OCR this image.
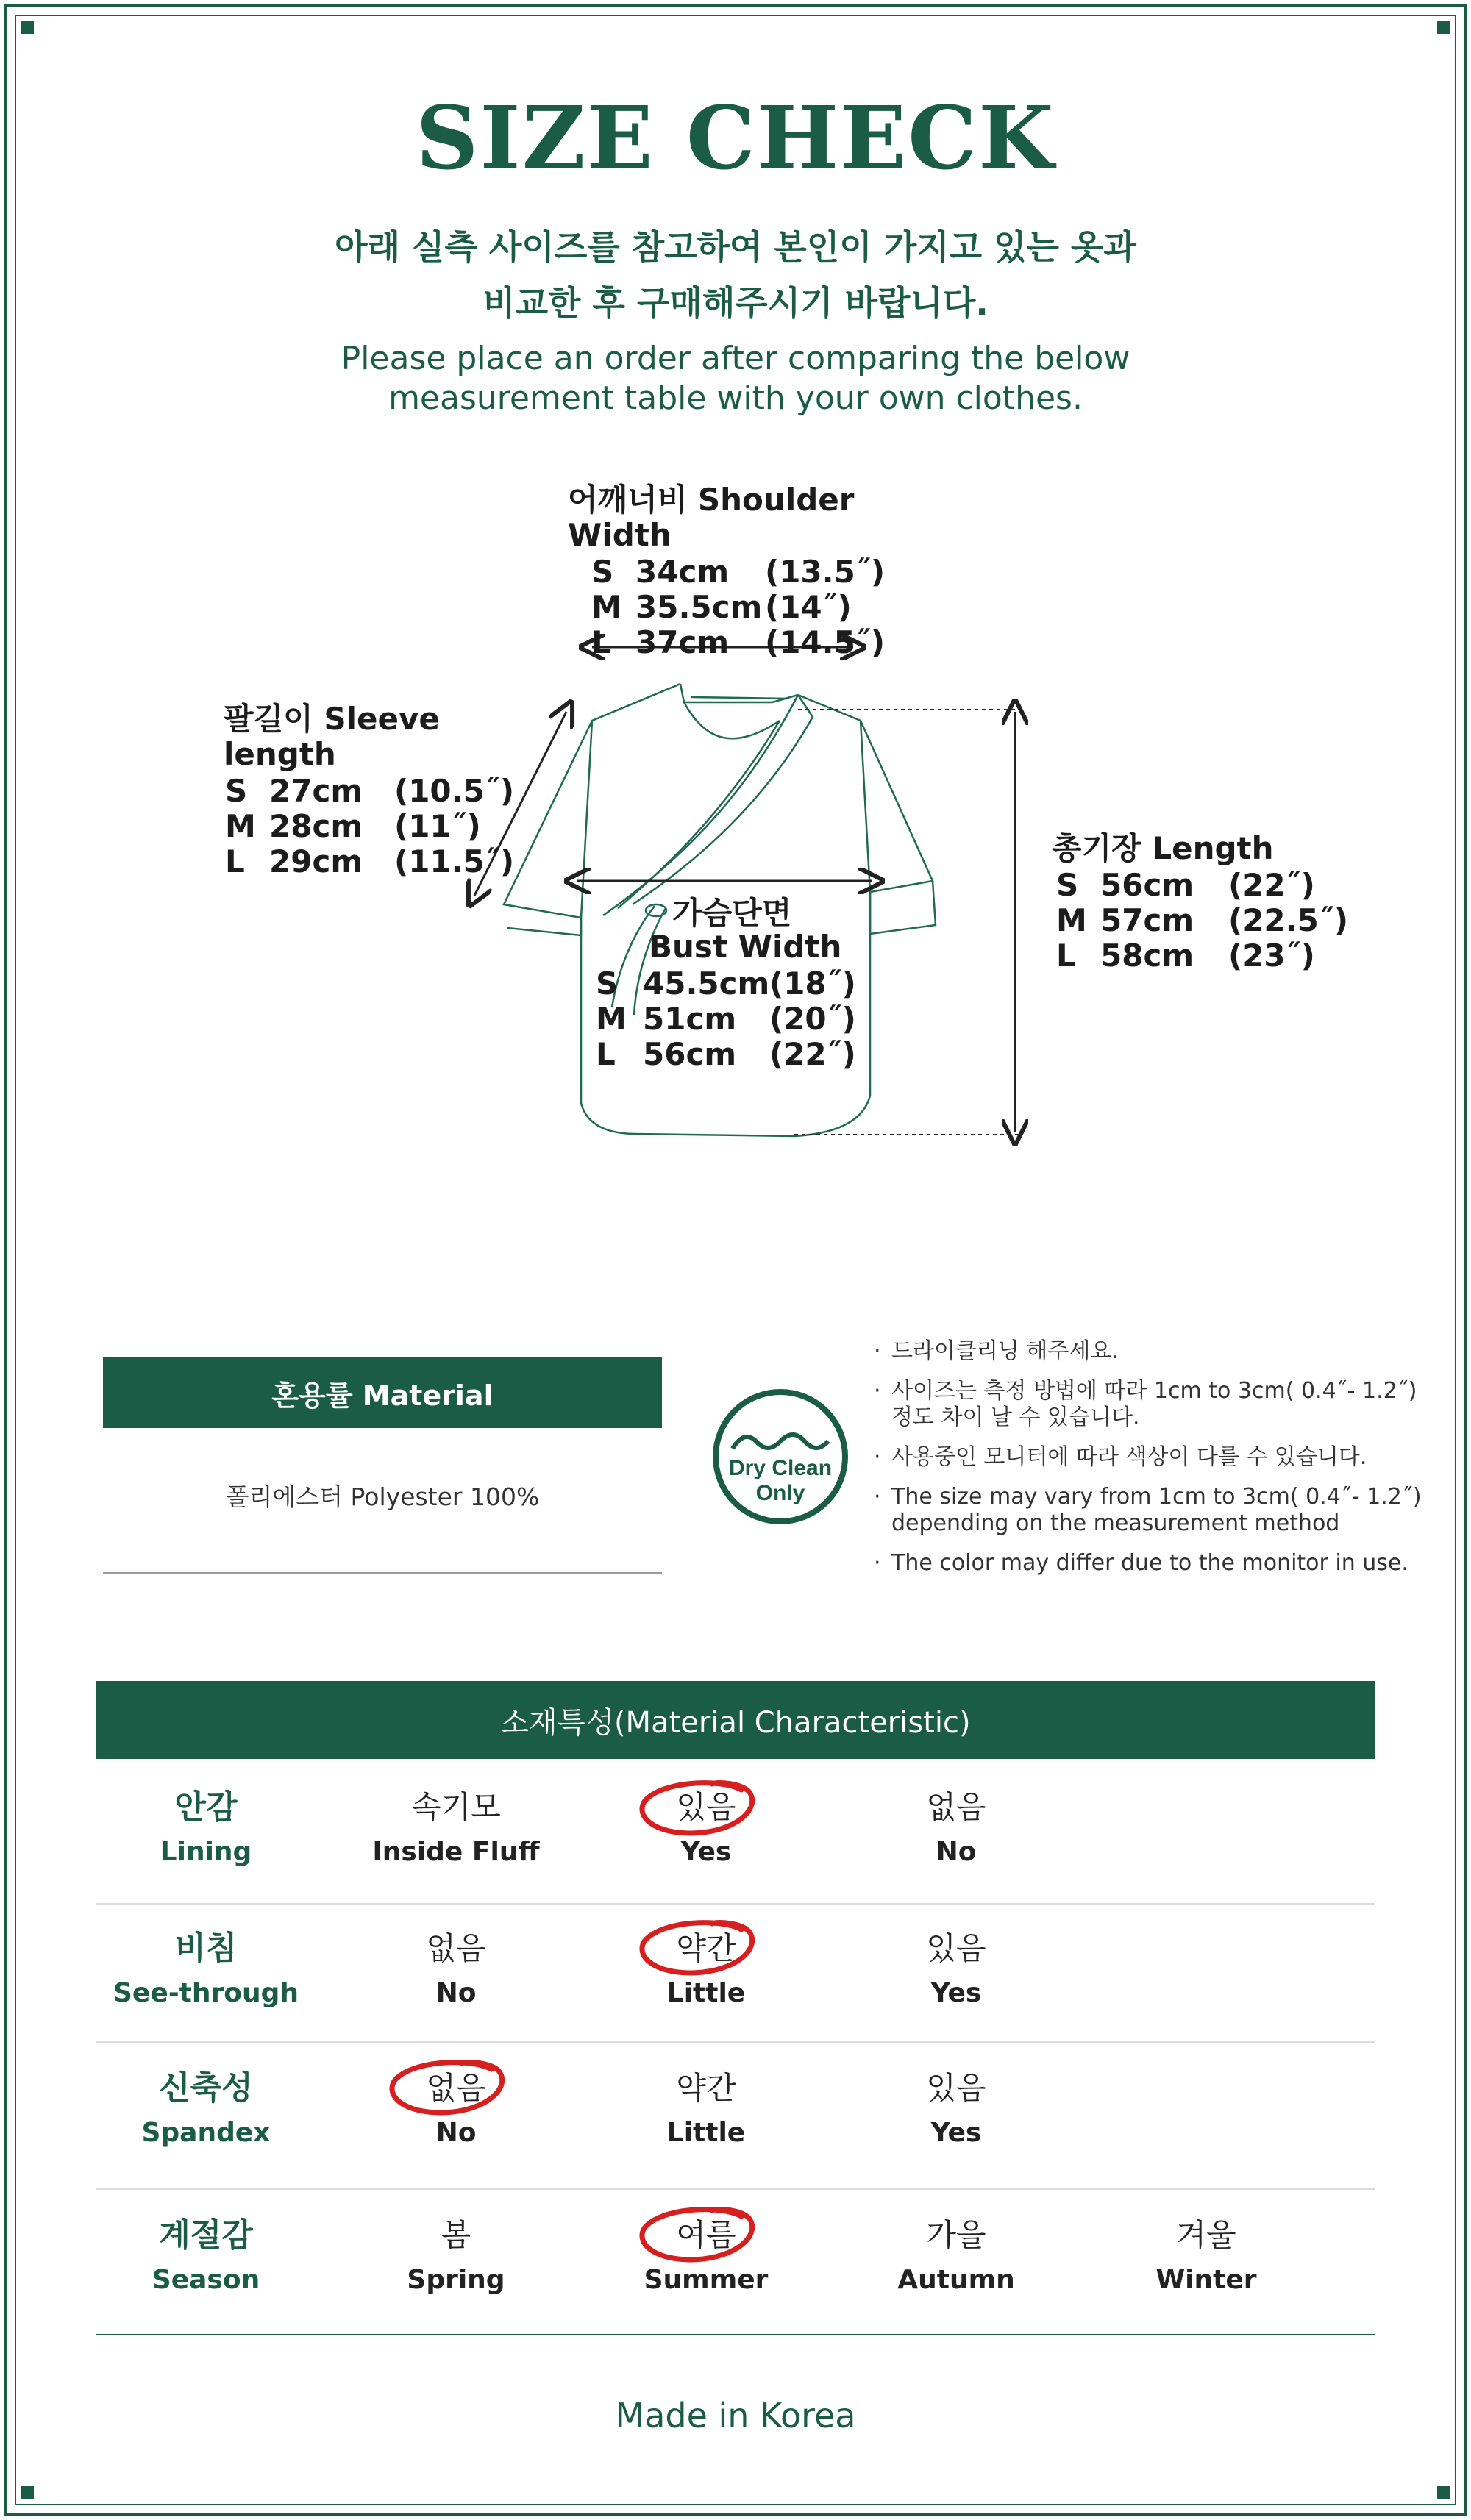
SIZE CHECK
아래 실측 사이즈를 참고하여 본인이 가지고 있는 옷과
비교한 후 구매해주시기 바랍니다.
Please place an order after comparing the below
measurement table with your own clothes.
어깨너비 Shoulder Width
S 34cm (13.5˝)
M 35.5cm (14˝)
L 37cm (14.5˝)
팔길이 Sleeve length
S 27cm (10.5˝)
M 28cm (11˝)
L 29cm (11.5˝)	총기장 Length
S 56cm (22˝)
M 57cm (22.5˝)
L 58cm (23˝)
가슴단면
Bust Width
S 45.5cm (18˝)
M 51cm (20˝)
L 56cm (22˝)
혼용률 Material
폴리에스터 Polyester 100%
Dry Clean
Only
· 드라이클리닝 해주세요.
· 사이즈는 측정 방법에 따라 1cm to 3cm( 0.4˝- 1.2˝)
정도 차이 날 수 있습니다.
· 사용중인 모니터에 따라 색상이 다를 수 있습니다.
· The size may vary from 1cm to 3cm( 0.4˝- 1.2˝)
depending on the measurement method
· The color may differ due to the monitor in use.
소재특성(Material Characteristic)
안감
Lining
속기모
Inside Fluff
있음
Yes
없음
No
비침
See-through
없음
No
약간
Little
있음
Yes
신축성
Spandex
없음
No
약간
Little
있음
Yes
계절감
Season
봄
Spring
여름
Summer
가을
Autumn
겨울
Winter
Made in Korea
